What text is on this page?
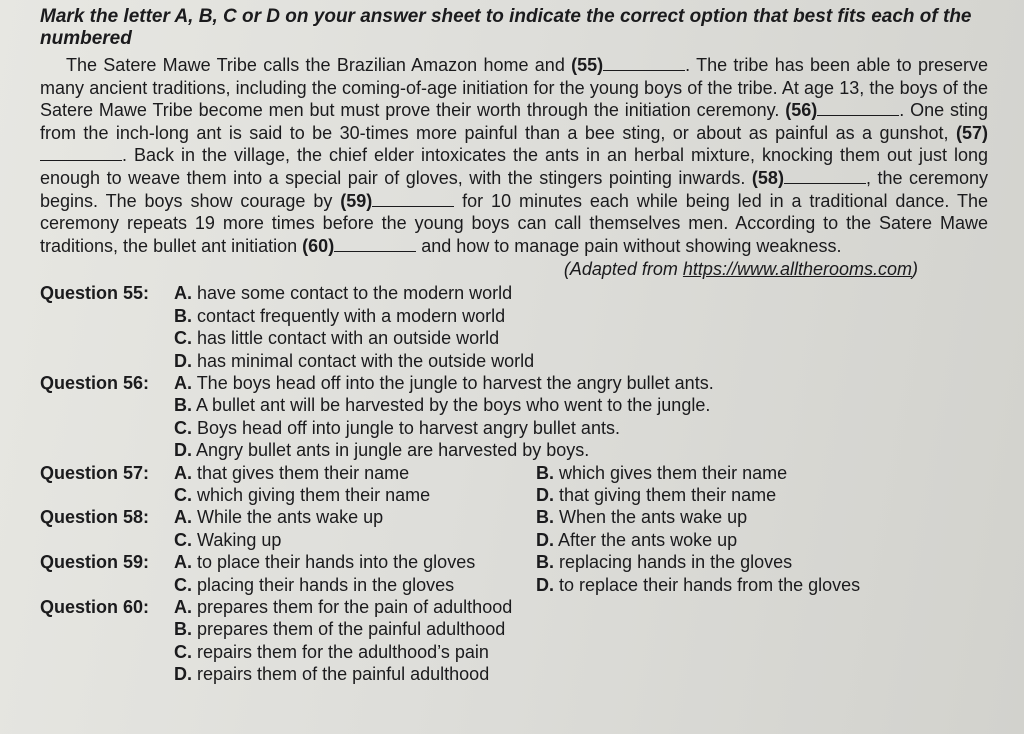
Mark the letter A, B, C or D on your answer sheet to indicate the correct option that best fits each of the numbered

The Satere Mawe Tribe calls the Brazilian Amazon home and (55)	. The tribe has been able to preserve many ancient traditions, including the coming-of-age initiation for the young boys of the tribe. At age 13, the boys of the Satere Mawe Tribe become men but must prove their worth through the initiation ceremony. (56)	. One sting from the inch-long ant is said to be 30-times more painful than a bee sting, or about as painful as a gunshot, (57). Back in the village, the chief elder intoxicates the ants in an herbal mixture, knocking them out just long enough to weave them into a special pair of gloves, with the stingers pointing inwards. (58)	, the ceremony begins. The boys show courage by (59)	for 10 minutes each while being led in a traditional dance. The ceremony repeats 19 more times before the young boys can call themselves men. According to the Satere Mawe traditions, the bullet ant initiation (60)	and how to manage pain without showing weakness.

(Adapted from https://www.alltherooms.com)
Question 55:	A. have some contact to the modern world
B. contact frequently with a modern world
C. has little contact with an outside world
D. has minimal contact with the outside world
Question 56:	A. The boys head off into the jungle to harvest the angry bullet ants.
B. A bullet ant will be harvested by the boys who went to the jungle.
C. Boys head off into jungle to harvest angry bullet ants.
D. Angry bullet ants in jungle are harvested by boys.
Question 57:	A. that gives them their name	B. which gives them their name
C. which giving them their name	D. that giving them their name
Question 58:	A. While the ants wake up	B. When the ants wake up
C. Waking up	D. After the ants woke up
Question 59:	A. to place their hands into the gloves	B. replacing hands in the gloves
C. placing their hands in the gloves	D. to replace their hands from the gloves
Question 60:	A. prepares them for the pain of adulthood
B. prepares them of the painful adulthood
C. repairs them for the adulthood’s pain
D. repairs them of the painful adulthood
